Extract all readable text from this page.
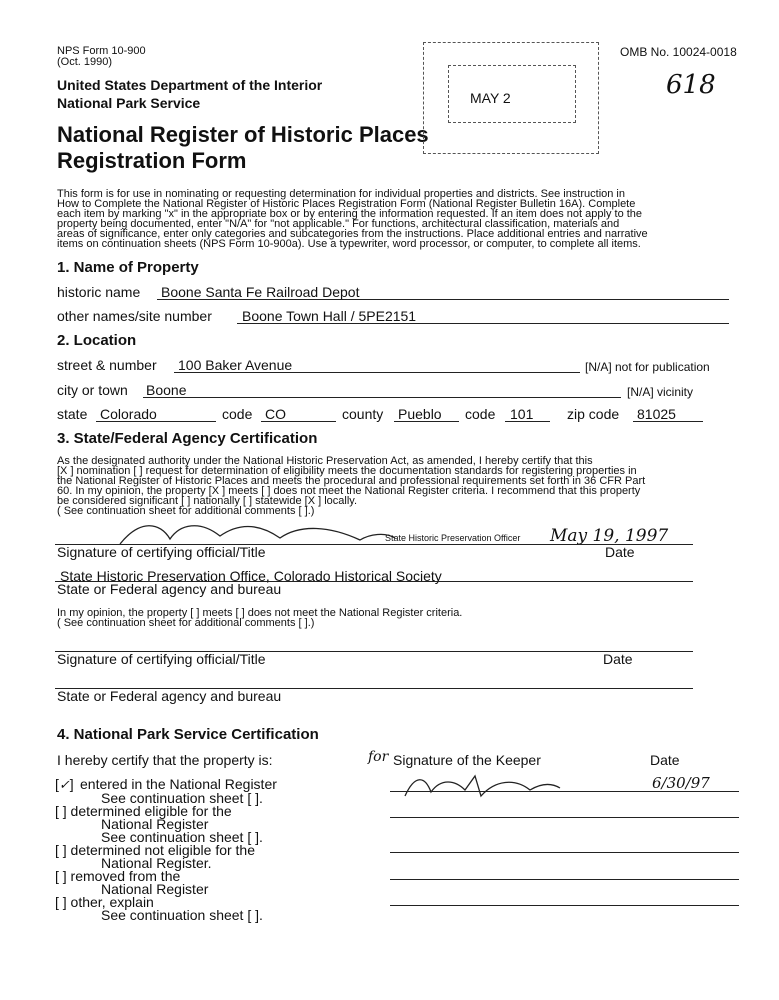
NPS Form 10-900
(Oct. 1990)
OMB No. 10024-0018
United States Department of the Interior
National Park Service
National Register of Historic Places
Registration Form
MAY 2	618
This form is for use in nominating or requesting determination for individual properties and districts. See instruction in
How to Complete the National Register of Historic Places Registration Form (National Register Bulletin 16A). Complete
each item by marking "x" in the appropriate box or by entering the information requested. If an item does not apply to the
property being documented, enter "N/A" for "not applicable." For functions, architectural classification, materials and
areas of significance, enter only categories and subcategories from the instructions. Place additional entries and narrative
items on continuation sheets (NPS Form 10-900a). Use a typewriter, word processor, or computer, to complete all items.
1. Name of Property
historic name Boone Santa Fe Railroad Depot
other names/site number Boone Town Hall / 5PE2151
2. Location
street & number 100 Baker Avenue	[N/A] not for publication
city or town Boone	[N/A] vicinity
state Colorado	code CO	county Pueblo code 101 zip code 81025
3. State/Federal Agency Certification
As the designated authority under the National Historic Preservation Act, as amended, I hereby certify that this
[X ] nomination [ ] request for determination of eligibility meets the documentation standards for registering properties in
the National Register of Historic Places and meets the procedural and professional requirements set forth in 36 CFR Part
60. In my opinion, the property [X ] meets [ ] does not meet the National Register criteria. I recommend that this property
be considered significant [ ] nationally [ ] statewide [X ] locally.
( See continuation sheet for additional comments [ ].)
State Historic Preservation Officer May 19, 1997
Signature of certifying official/Title	Date
State Historic Preservation Office, Colorado Historical Society
State or Federal agency and bureau
In my opinion, the property [ ] meets [ ] does not meet the National Register criteria.
( See continuation sheet for additional comments [ ].)
Signature of certifying official/Title	Date
State or Federal agency and bureau
4. National Park Service Certification
I hereby certify that the property is:	for Signature of the Keeper	Date
6/30/97
[✓] entered in the National Register
See continuation sheet [ ].
[ ] determined eligible for the
National Register
See continuation sheet [ ].
[ ] determined not eligible for the
National Register.
[ ] removed from the
National Register
[ ] other, explain
See continuation sheet [ ].
